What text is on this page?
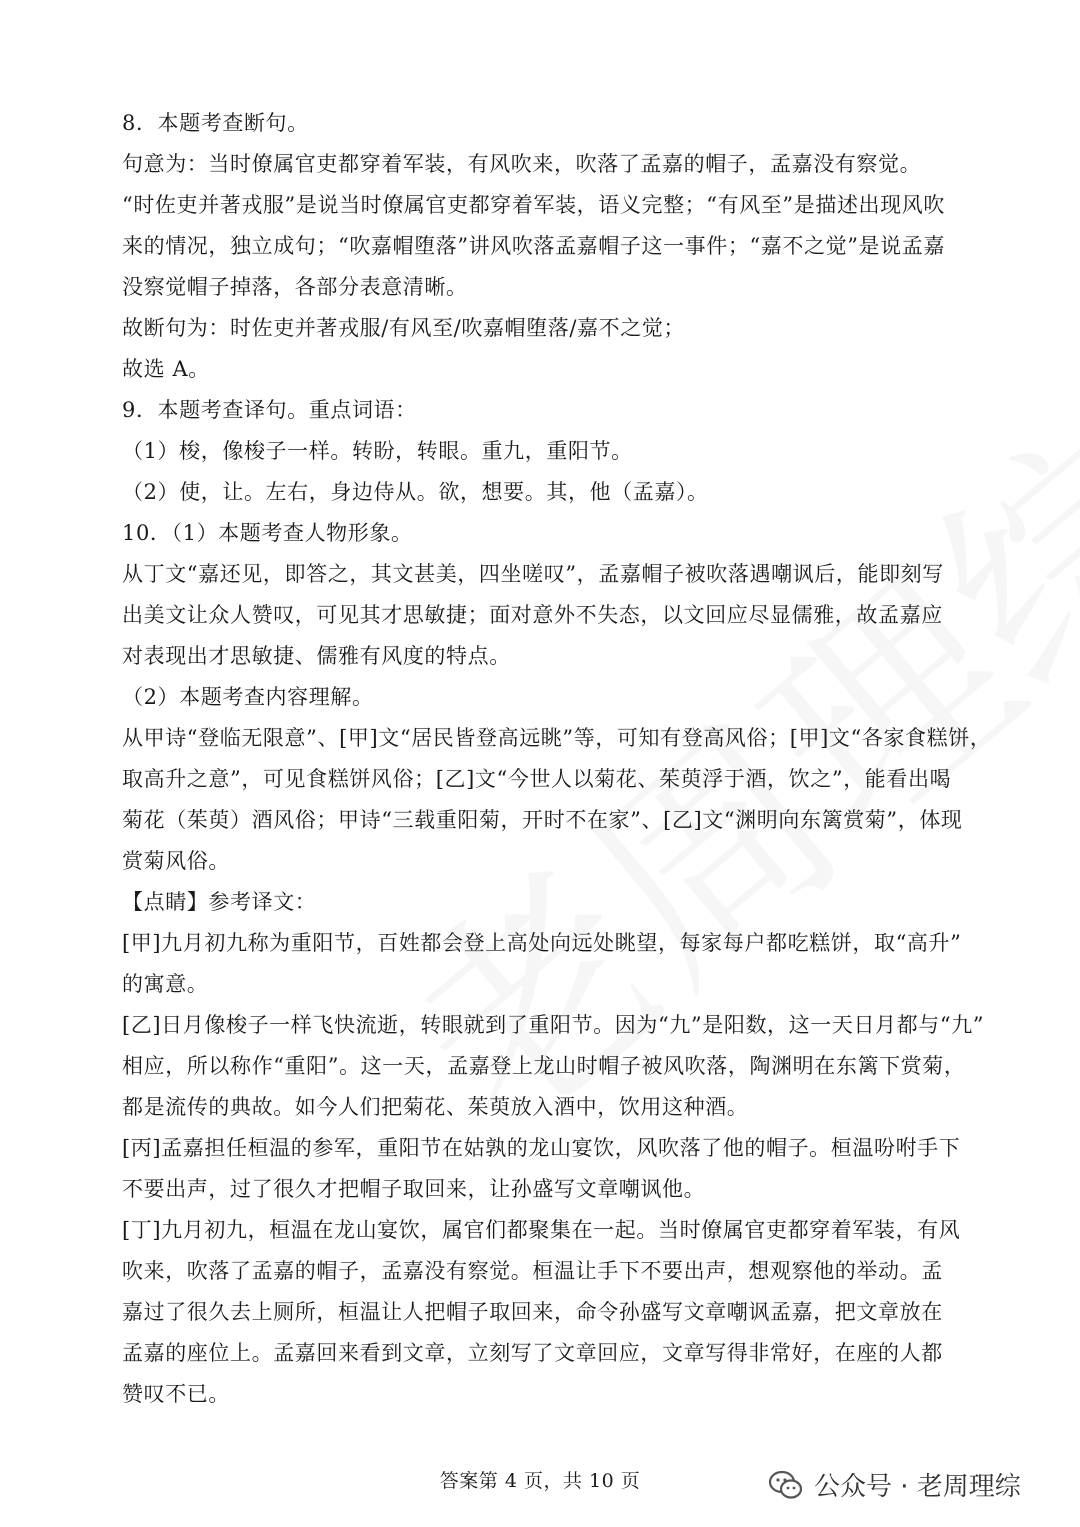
8．本题考查断句。
句意为：当时僚属官吏都穿着军装，有风吹来，吹落了孟嘉的帽子，孟嘉没有察觉。
“时佐吏并著戎服”是说当时僚属官吏都穿着军装，语义完整；“有风至”是描述出现风吹
来的情况，独立成句；“吹嘉帽堕落”讲风吹落孟嘉帽子这一事件；“嘉不之觉”是说孟嘉
没察觉帽子掉落，各部分表意清晰。
故断句为：时佐吏并著戎服/有风至/吹嘉帽堕落/嘉不之觉；
故选 A。
9．本题考查译句。重点词语：
（1）梭，像梭子一样。转盼，转眼。重九，重阳节。
（2）使，让。左右，身边侍从。欲，想要。其，他（孟嘉）。
10．（1）本题考查人物形象。
从丁文“嘉还见，即答之，其文甚美，四坐嗟叹”，孟嘉帽子被吹落遇嘲讽后，能即刻写
出美文让众人赞叹，可见其才思敏捷；面对意外不失态，以文回应尽显儒雅，故孟嘉应
对表现出才思敏捷、儒雅有风度的特点。
（2）本题考查内容理解。
从甲诗“登临无限意”、[甲]文“居民皆登高远眺”等，可知有登高风俗；[甲]文“各家食糕饼，
取高升之意”，可见食糕饼风俗；[乙]文“今世人以菊花、茱萸浮于酒，饮之”，能看出喝
菊花（茱萸）酒风俗；甲诗“三载重阳菊，开时不在家”、[乙]文“渊明向东篱赏菊”，体现
赏菊风俗。
【点睛】参考译文：
[甲]九月初九称为重阳节，百姓都会登上高处向远处眺望，每家每户都吃糕饼，取“高升”
的寓意。
[乙]日月像梭子一样飞快流逝，转眼就到了重阳节。因为“九”是阳数，这一天日月都与“九”
相应，所以称作“重阳”。这一天，孟嘉登上龙山时帽子被风吹落，陶渊明在东篱下赏菊，
都是流传的典故。如今人们把菊花、茱萸放入酒中，饮用这种酒。
[丙]孟嘉担任桓温的参军，重阳节在姑孰的龙山宴饮，风吹落了他的帽子。桓温吩咐手下
不要出声，过了很久才把帽子取回来，让孙盛写文章嘲讽他。
[丁]九月初九，桓温在龙山宴饮，属官们都聚集在一起。当时僚属官吏都穿着军装，有风
吹来，吹落了孟嘉的帽子，孟嘉没有察觉。桓温让手下不要出声，想观察他的举动。孟
嘉过了很久去上厕所，桓温让人把帽子取回来，命令孙盛写文章嘲讽孟嘉，把文章放在
孟嘉的座位上。孟嘉回来看到文章，立刻写了文章回应，文章写得非常好，在座的人都
赞叹不已。
答案第 4 页，共 10 页	公众号 · 老周理综
